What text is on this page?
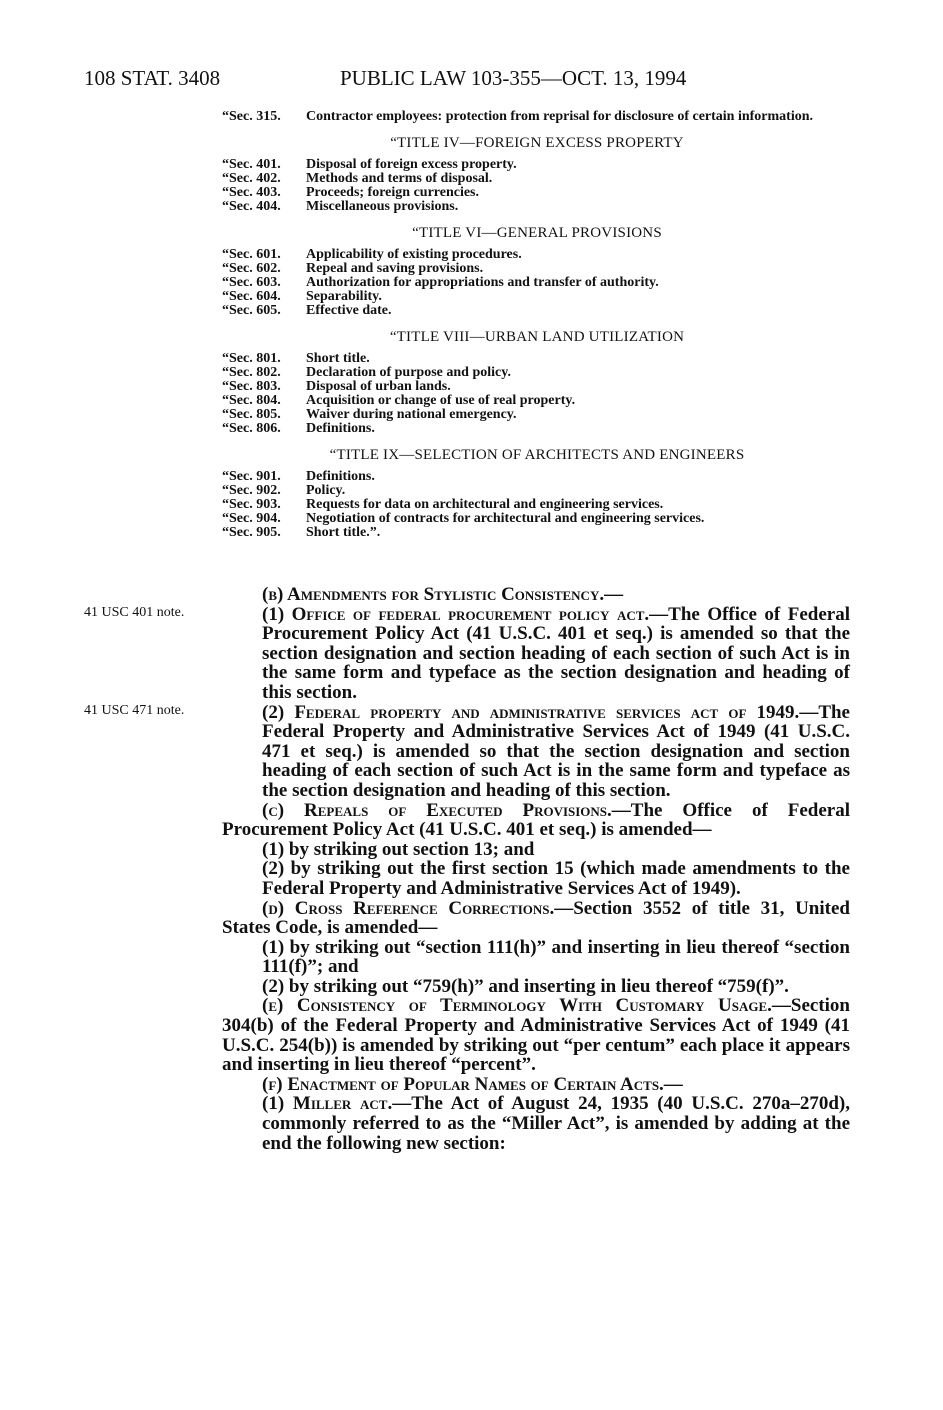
108 STAT. 3408	PUBLIC LAW 103-355—OCT. 13, 1994
“Sec. 315.	Contractor employees: protection from reprisal for disclosure of certain information.
“TITLE IV—FOREIGN EXCESS PROPERTY
“Sec. 401.	Disposal of foreign excess property.
“Sec. 402.	Methods and terms of disposal.
“Sec. 403.	Proceeds; foreign currencies.
“Sec. 404.	Miscellaneous provisions.
“TITLE VI—GENERAL PROVISIONS
“Sec. 601.	Applicability of existing procedures.
“Sec. 602.	Repeal and saving provisions.
“Sec. 603.	Authorization for appropriations and transfer of authority.
“Sec. 604.	Separability.
“Sec. 605.	Effective date.
“TITLE VIII—URBAN LAND UTILIZATION
“Sec. 801.	Short title.
“Sec. 802.	Declaration of purpose and policy.
“Sec. 803.	Disposal of urban lands.
“Sec. 804.	Acquisition or change of use of real property.
“Sec. 805.	Waiver during national emergency.
“Sec. 806.	Definitions.
“TITLE IX—SELECTION OF ARCHITECTS AND ENGINEERS
“Sec. 901.	Definitions.
“Sec. 902.	Policy.
“Sec. 903.	Requests for data on architectural and engineering services.
“Sec. 904.	Negotiation of contracts for architectural and engineering services.
“Sec. 905.	Short title.”.
41 USC 401 note.
41 USC 471 note.

(b) Amendments for Stylistic Consistency.—

(1) Office of federal procurement policy act.—The Office of Federal Procurement Policy Act (41 U.S.C. 401 et seq.) is amended so that the section designation and section heading of each section of such Act is in the same form and typeface as the section designation and heading of this section.

(2) Federal property and administrative services act of 1949.—The Federal Property and Administrative Services Act of 1949 (41 U.S.C. 471 et seq.) is amended so that the section designation and section heading of each section of such Act is in the same form and typeface as the section designation and heading of this section.

(c) Repeals of Executed Provisions.—The Office of Federal Procurement Policy Act (41 U.S.C. 401 et seq.) is amended—

(1) by striking out section 13; and

(2) by striking out the first section 15 (which made amendments to the Federal Property and Administrative Services Act of 1949).

(d) Cross Reference Corrections.—Section 3552 of title 31, United States Code, is amended—

(1) by striking out “section 111(h)” and inserting in lieu thereof “section 111(f)”; and

(2) by striking out “759(h)” and inserting in lieu thereof “759(f)”.

(e) Consistency of Terminology With Customary Usage.—Section 304(b) of the Federal Property and Administrative Services Act of 1949 (41 U.S.C. 254(b)) is amended by striking out “per centum” each place it appears and inserting in lieu thereof “percent”.

(f) Enactment of Popular Names of Certain Acts.—

(1) Miller act.—The Act of August 24, 1935 (40 U.S.C. 270a–270d), commonly referred to as the “Miller Act”, is amended by adding at the end the following new section:
